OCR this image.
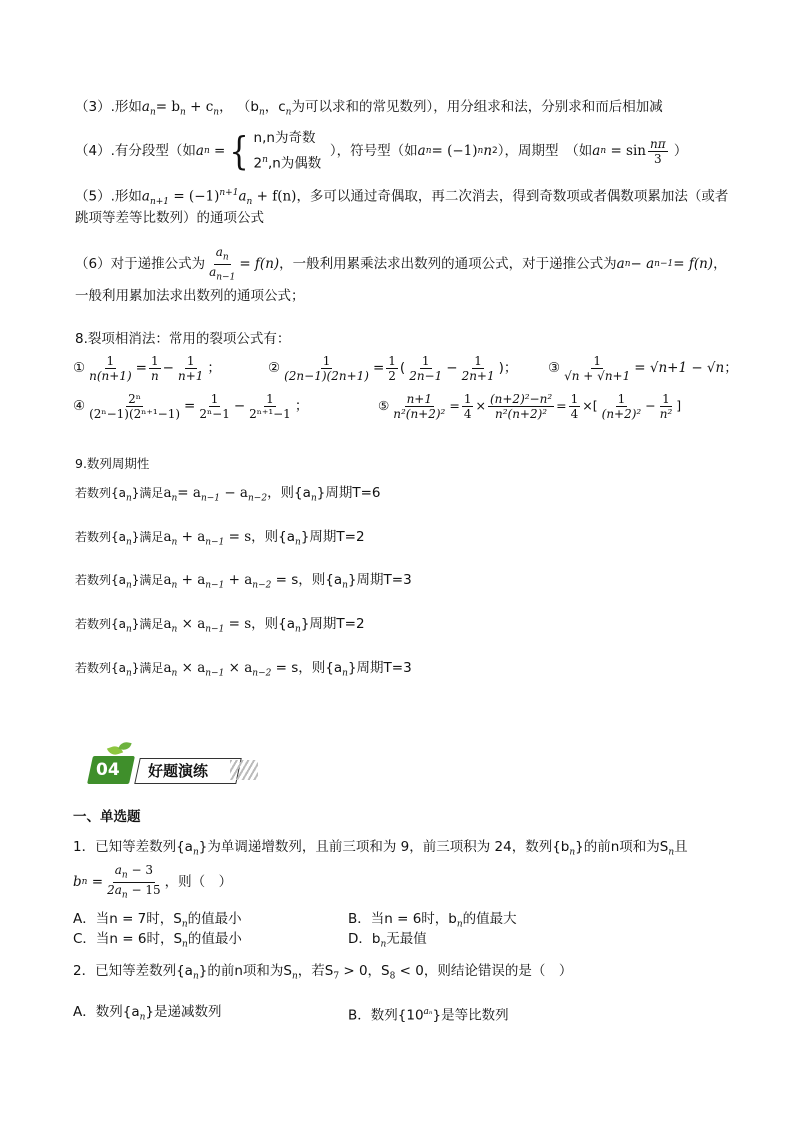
（3）.形如$a_n= b_n + c_n$， （$b_n$，$c_n$为可以求和的常见数列），用分组求和法，分别求和而后相加减
（4）.有分段型（如 a n
= { n,n为奇数
2$^n$,n为偶数

），符号型（如 a n = (−1) n n 2 ），周期型　（如 a n
= $\sin \frac{n\pi}{3}$
）
（5）.形如$a_{n+1} = (-1)^{n+1}a_n + f(n)$，多可以通过奇偶取，再二次消去，得到奇数项或者偶数项累加法（或者
跳项等差等比数列）的通项公式
（6）对于递推公式为 $\frac{a_n}{a_{n-1}} = f(n)$ ，一般利用累乘法求出数列的通项公式，对于递推公式为 a n − a n−1 = f(n) ，
一般利用累加法求出数列的通项公式；
8.裂项相消法：常用的裂项公式有：
① $\frac{1}{n(n+1)} = \frac{1}{n} - \frac{1}{n+1}$ ；	② $\frac{1}{(2n-1)(2n+1)} = \frac{1}{2}$ ( $\frac{1}{2n-1} - \frac{1}{2n+1}$ ) ； ③ $\frac{1}{√n + √n+1} = √n+1 - √n$ ；
④ $\frac{\text{2ⁿ}}{\text{(2ⁿ−1)(2ⁿ⁺¹−1)}} = \frac{1}{\text{2ⁿ−1}} - \frac{1}{\text{2ⁿ⁺¹−1}}$ ；	⑤ $\frac{n+1}{\text{n²(n+2)²}} = \frac{1}{4} \times \frac{\text{(n+2)²−n²}}{\text{n²(n+2)²}} = \frac{1}{4}$ ×[ $\frac{1}{\text{(n+2)²}} - \frac{1}{\text{n²}}$ ]
9.数列周期性
若数列$\{a_n\}$满足$a_n= a_{n-1} - a_{n-2}$，则$\{a_n\}$周期T=6
若数列$\{a_n\}$满足$a_n + a_{n-1} = s$，则$\{a_n\}$周期T=2
若数列$\{a_n\}$满足$a_n + a_{n-1} + a_{n-2} = s$，则$\{a_n\}$周期T=3
若数列$\{a_n\}$满足$a_n \times a_{n-1} = s$，则$\{a_n\}$周期T=2
若数列$\{a_n\}$满足$a_n \times a_{n-1} \times a_{n-2} = s$，则$\{a_n\}$周期T=3
04 好题演练
一、单选题
1．已知等差数列$\{a_n\}$为单调递增数列，且前三项和为 9，前三项积为 24，数列$\{b_n\}$的前n项和为$S_n$且
b n
= $\frac{a_n - 3}{2a_n - 15}$ ，则（　）
A．当n = 7时，$S_n$的值最小	B．当n = 6时，$b_n$的值最大
C．当n = 6时，$S_n$的值最小	D．$b_n$无最值
2．已知等差数列$\{a_n\}$的前n项和为$S_n$，若$S_7 > 0$，$S_8 < 0$，则结论错误的是（　）
A．数列$\{a_n\}$是递减数列	B．数列$\{10^{a_n}\}$是等比数列
